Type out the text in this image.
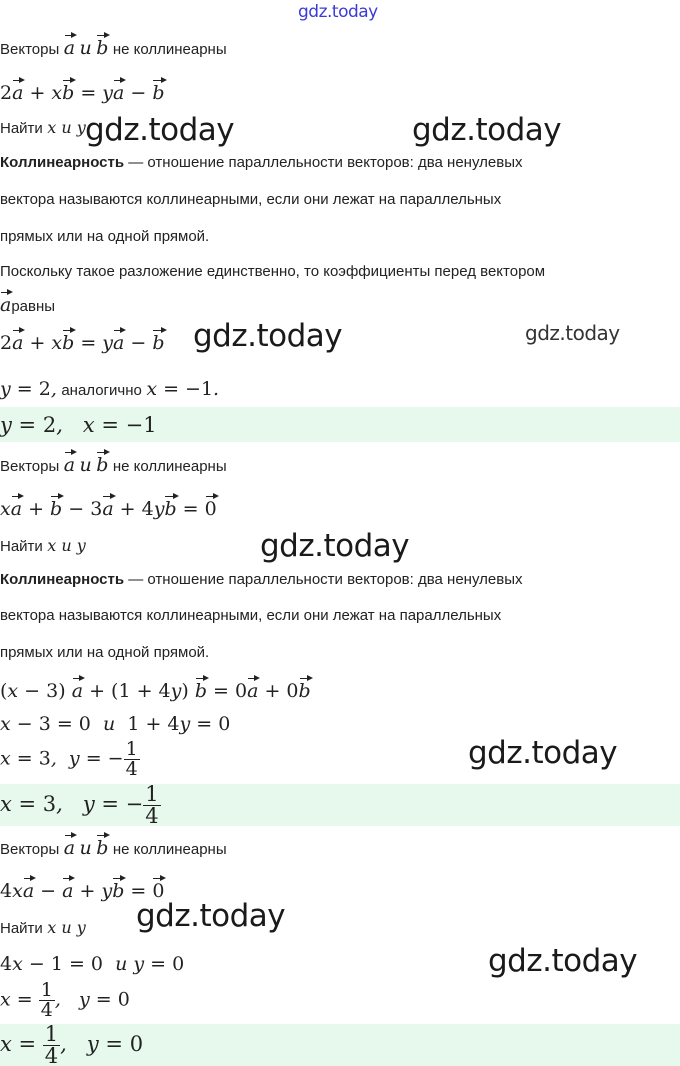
gdz.today
Векторы a и b не коллинеарны
2a + xb = ya − b
Найти x и y
Коллинеарность — отношение параллельности векторов: два ненулевых
вектора называются коллинеарными, если они лежат на параллельных
прямых или на одной прямой.
Поскольку такое разложение единственно, то коэффициенты перед вектором
aравны
2a + xb = ya − b
y = 2, аналогично x = −1.
y = 2,   x = −1
Векторы a и b не коллинеарны
xa + b − 3a + 4yb = 0
Найти x и y
Коллинеарность — отношение параллельности векторов: два ненулевых
вектора называются коллинеарными, если они лежат на параллельных
прямых или на одной прямой.
(x − 3) a + (1 + 4y) b = 0a + 0b
x − 3 = 0  и  1 + 4y = 0
x = 3,  y = − $\frac{1}{4}$
x = 3,   y = − $\frac{1}{4}$
Векторы a и b не коллинеарны
4xa − a + yb = 0
Найти x и y
4x − 1 = 0  и y = 0
$x = \frac{1}{4}$ ,   y = 0
$x = \frac{1}{4}$ ,   y = 0
gdz.today	gdz.today
gdz.today	gdz.today
gdz.today
gdz.today
gdz.today
gdz.today
